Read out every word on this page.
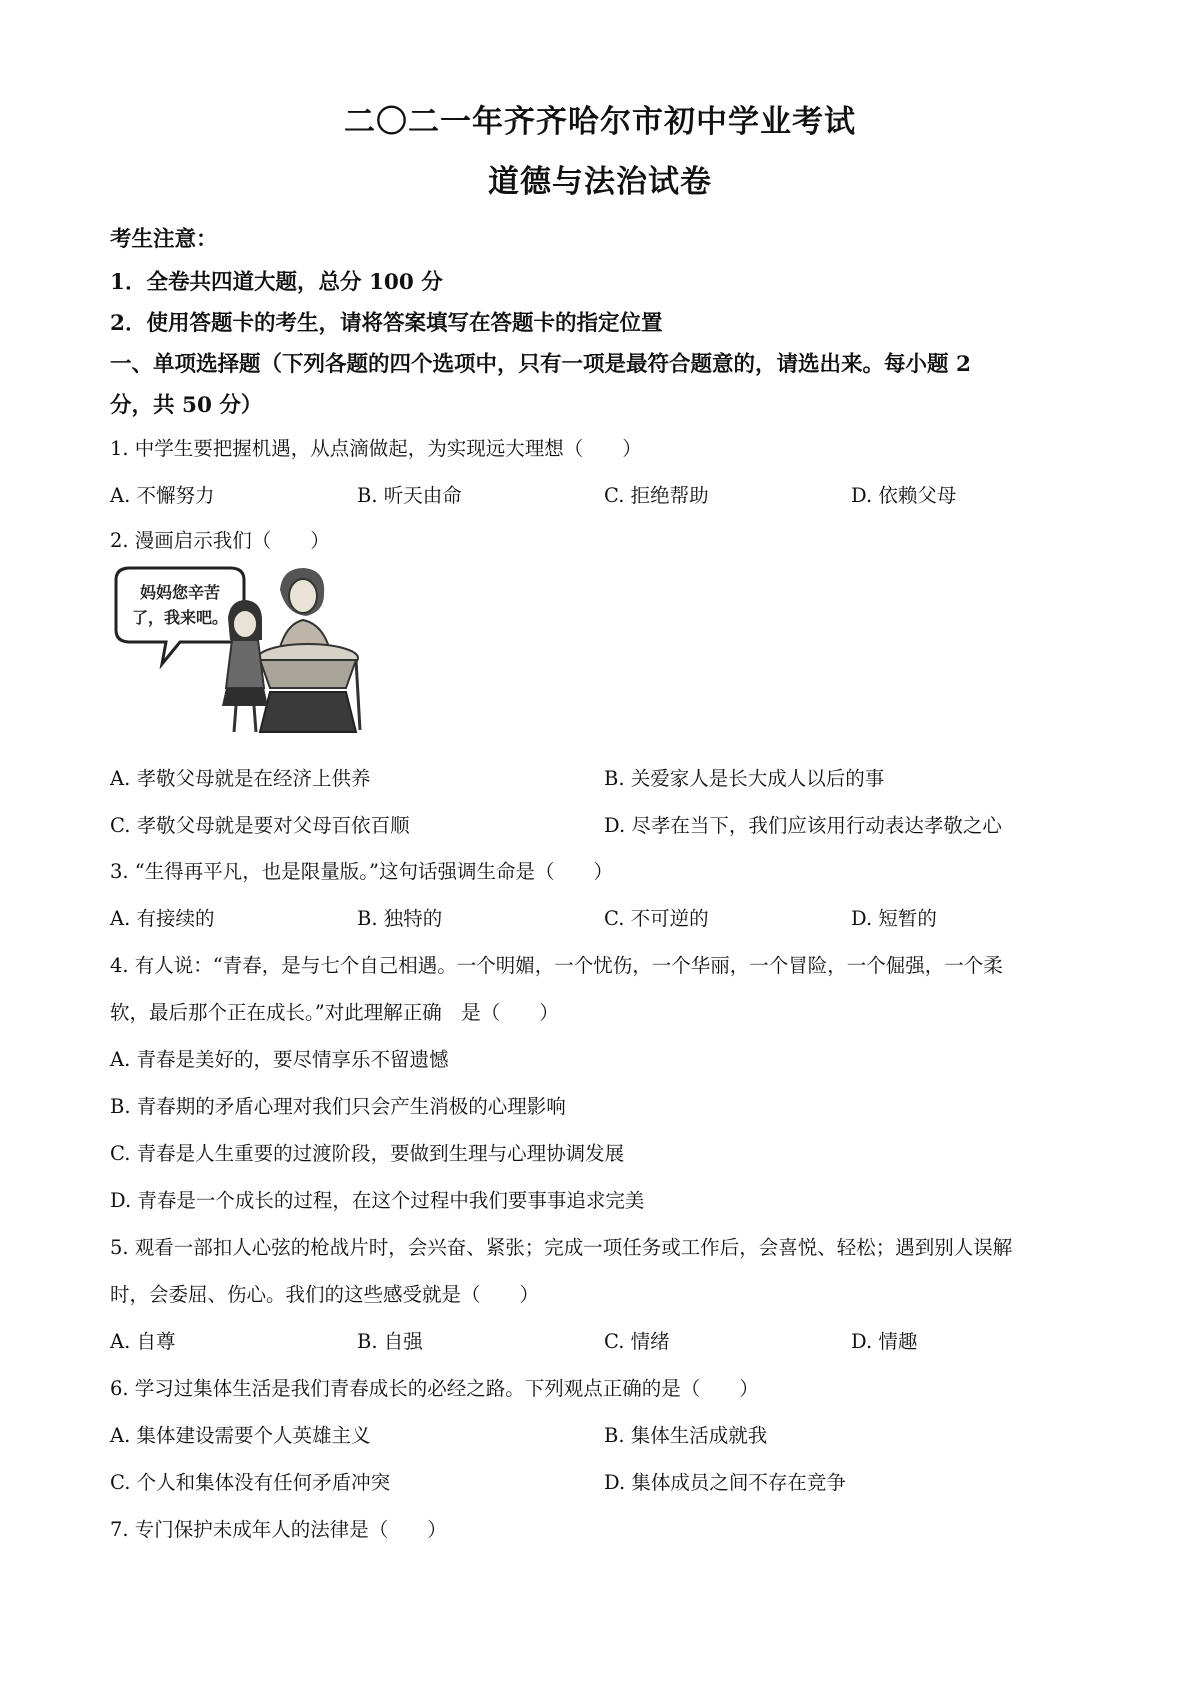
二〇二一年齐齐哈尔市初中学业考试
道德与法治试卷
考生注意：
1．全卷共四道大题，总分 100 分
2．使用答题卡的考生，请将答案填写在答题卡的指定位置
一、单项选择题（下列各题的四个选项中，只有一项是最符合题意的，请选出来。每小题 2
分，共 50 分）
1. 中学生要把握机遇，从点滴做起，为实现远大理想（　　）
A. 不懈努力	B. 听天由命	C. 拒绝帮助	D. 依赖父母
2. 漫画启示我们（　　）
妈妈您辛苦
了，我来吧。
A. 孝敬父母就是在经济上供养	B. 关爱家人是长大成人以后的事
C. 孝敬父母就是要对父母百依百顺	D. 尽孝在当下，我们应该用行动表达孝敬之心
3. “生得再平凡，也是限量版。”这句话强调生命是（　　）
A. 有接续的	B. 独特的	C. 不可逆的	D. 短暂的
4. 有人说：“青春，是与七个自己相遇。一个明媚，一个忧伤，一个华丽，一个冒险，一个倔强，一个柔
软，最后那个正在成长。”对此理解正确　是（　　）
A. 青春是美好的，要尽情享乐不留遗憾
B. 青春期的矛盾心理对我们只会产生消极的心理影响
C. 青春是人生重要的过渡阶段，要做到生理与心理协调发展
D. 青春是一个成长的过程，在这个过程中我们要事事追求完美
5. 观看一部扣人心弦的枪战片时，会兴奋、紧张；完成一项任务或工作后，会喜悦、轻松；遇到别人误解
时，会委屈、伤心。我们的这些感受就是（　　）
A. 自尊	B. 自强	C. 情绪	D. 情趣
6. 学习过集体生活是我们青春成长的必经之路。下列观点正确的是（　　）
A. 集体建设需要个人英雄主义	B. 集体生活成就我
C. 个人和集体没有任何矛盾冲突	D. 集体成员之间不存在竞争
7. 专门保护未成年人的法律是（　　）
